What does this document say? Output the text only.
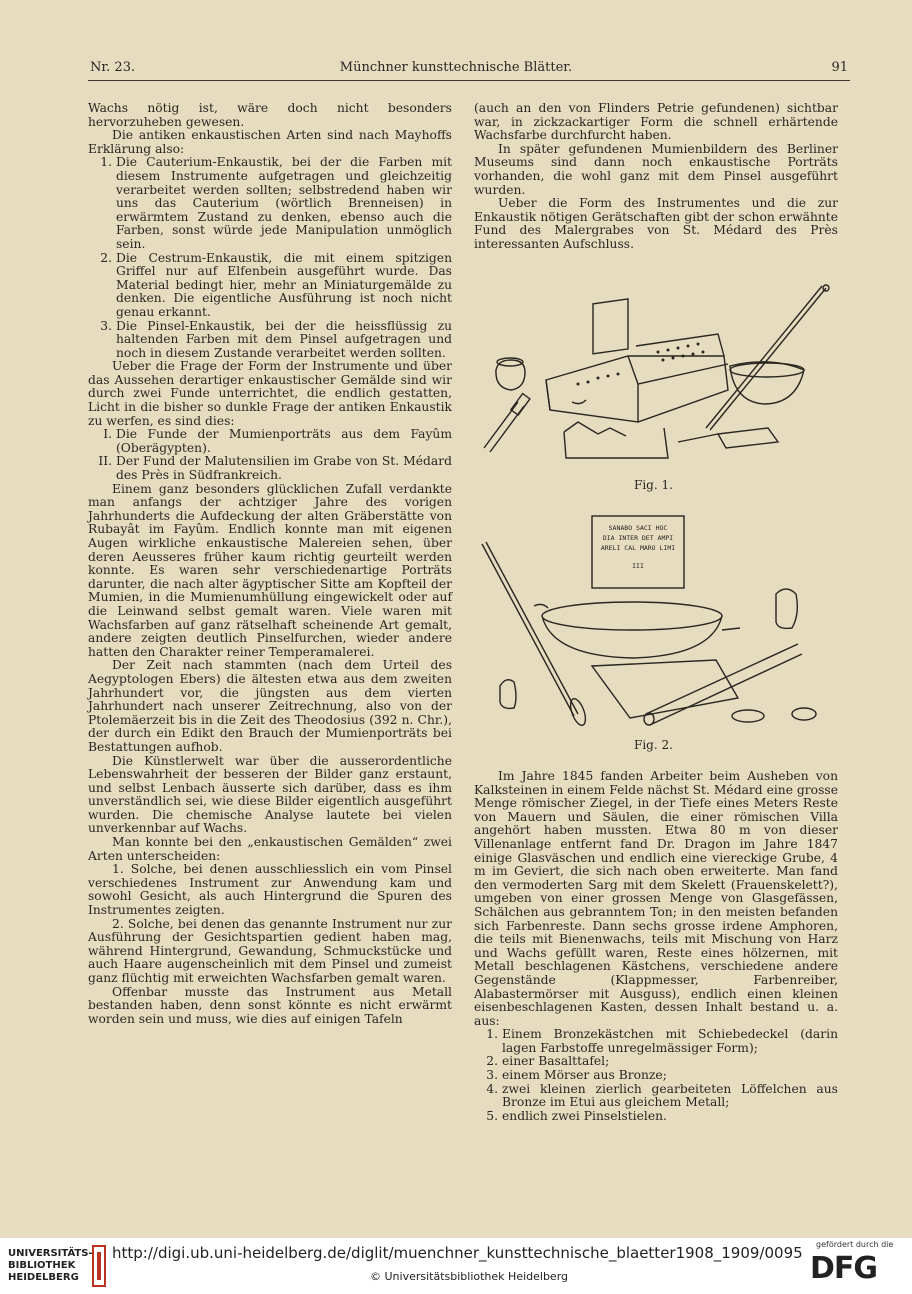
Nr. 23.	Münchner kunsttechnische Blätter.	91

Wachs nötig ist, wäre doch nicht besonders hervorzuheben gewesen.

Die antiken enkaustischen Arten sind nach Mayhoffs Erklärung also:

1. Die Cauterium-Enkaustik, bei der die Farben mit diesem Instrumente aufgetragen und gleichzeitig verarbeitet werden sollten; selbstredend haben wir uns das Cauterium (wörtlich Brenneisen) in erwärmtem Zustand zu denken, ebenso auch die Farben, sonst würde jede Manipulation unmöglich sein.
2. Die Cestrum-Enkaustik, die mit einem spitzigen Griffel nur auf Elfenbein ausgeführt wurde. Das Material bedingt hier, mehr an Miniaturgemälde zu denken. Die eigentliche Ausführung ist noch nicht genau erkannt.
3. Die Pinsel-Enkaustik, bei der die heissflüssig zu haltenden Farben mit dem Pinsel aufgetragen und noch in diesem Zustande verarbeitet werden sollten.

Ueber die Frage der Form der Instrumente und über das Aussehen derartiger enkaustischer Gemälde sind wir durch zwei Funde unterrichtet, die endlich gestatten, Licht in die bisher so dunkle Frage der antiken Enkaustik zu werfen, es sind dies:

I. Die Funde der Mumienporträts aus dem Fayûm (Oberägypten).
II. Der Fund der Malutensilien im Grabe von St. Médard des Près in Südfrankreich.

Einem ganz besonders glücklichen Zufall verdankte man anfangs der achtziger Jahre des vorigen Jahrhunderts die Aufdeckung der alten Gräberstätte von Rubayât im Fayûm. Endlich konnte man mit eigenen Augen wirkliche enkaustische Malereien sehen, über deren Aeusseres früher kaum richtig geurteilt werden konnte. Es waren sehr verschiedenartige Porträts darunter, die nach alter ägyptischer Sitte am Kopfteil der Mumien, in die Mumienumhüllung eingewickelt oder auf die Leinwand selbst gemalt waren. Viele waren mit Wachsfarben auf ganz rätselhaft scheinende Art gemalt, andere zeigten deutlich Pinselfurchen, wieder andere hatten den Charakter reiner Temperamalerei.

Der Zeit nach stammten (nach dem Urteil des Aegyptologen Ebers) die ältesten etwa aus dem zweiten Jahrhundert vor, die jüngsten aus dem vierten Jahrhundert nach unserer Zeitrechnung, also von der Ptolemäerzeit bis in die Zeit des Theodosius (392 n. Chr.), der durch ein Edikt den Brauch der Mumienporträts bei Bestattungen aufhob.

Die Künstlerwelt war über die ausserordentliche Lebenswahrheit der besseren der Bilder ganz erstaunt, und selbst Lenbach äusserte sich darüber, dass es ihm unverständlich sei, wie diese Bilder eigentlich ausgeführt wurden. Die chemische Analyse lautete bei vielen unverkennbar auf Wachs.

Man konnte bei den „enkaustischen Gemälden“ zwei Arten unterscheiden:

1. Solche, bei denen ausschliesslich ein vom Pinsel verschiedenes Instrument zur Anwendung kam und sowohl Gesicht, als auch Hintergrund die Spuren des Instrumentes zeigten.

2. Solche, bei denen das genannte Instrument nur zur Ausführung der Gesichtspartien gedient haben mag, während Hintergrund, Gewandung, Schmuckstücke und auch Haare augenscheinlich mit dem Pinsel und zumeist ganz flüchtig mit erweichten Wachsfarben gemalt waren.

Offenbar musste das Instrument aus Metall bestanden haben, denn sonst könnte es nicht erwärmt worden sein und muss, wie dies auf einigen Tafeln

(auch an den von Flinders Petrie gefundenen) sichtbar war, in zickzackartiger Form die schnell erhärtende Wachsfarbe durchfurcht haben.

In später gefundenen Mumienbildern des Berliner Museums sind dann noch enkaustische Porträts vorhanden, die wohl ganz mit dem Pinsel ausgeführt wurden.

Ueber die Form des Instrumentes und die zur Enkaustik nötigen Gerätschaften gibt der schon erwähnte Fund des Malergrabes von St. Médard des Près interessanten Aufschluss.

Fig. 1.
SANABO SACI HOC
DIA INTER DET AMPI
ARELI CAL MARO LIMI
III
Fig. 2.

Im Jahre 1845 fanden Arbeiter beim Ausheben von Kalksteinen in einem Felde nächst St. Médard eine grosse Menge römischer Ziegel, in der Tiefe eines Meters Reste von Mauern und Säulen, die einer römischen Villa angehört haben mussten. Etwa 80 m von dieser Villenanlage entfernt fand Dr. Dragon im Jahre 1847 einige Glasväschen und endlich eine viereckige Grube, 4 m im Geviert, die sich nach oben erweiterte. Man fand den vermoderten Sarg mit dem Skelett (Frauenskelett?), umgeben von einer grossen Menge von Glasgefässen, Schälchen aus gebranntem Ton; in den meisten befanden sich Farbenreste. Dann sechs grosse irdene Amphoren, die teils mit Bienenwachs, teils mit Mischung von Harz und Wachs gefüllt waren, Reste eines hölzernen, mit Metall beschlagenen Kästchens, verschiedene andere Gegenstände (Klappmesser, Farbenreiber, Alabastermörser mit Ausguss), endlich einen kleinen eisenbeschlagenen Kasten, dessen Inhalt bestand u. a. aus:

1. Einem Bronzekästchen mit Schiebedeckel (darin lagen Farbstoffe unregelmässiger Form);
2. einer Basalttafel;
3. einem Mörser aus Bronze;
4. zwei kleinen zierlich gearbeiteten Löffelchen aus Bronze im Etui aus gleichem Metall;
5. endlich zwei Pinselstielen.
UNIVERSITÄTS-
BIBLIOTHEK
HEIDELBERG
http://digi.ub.uni-heidelberg.de/diglit/muenchner_kunsttechnische_blaetter1908_1909/0095
© Universitätsbibliothek Heidelberg
gefördert durch die
DFG
